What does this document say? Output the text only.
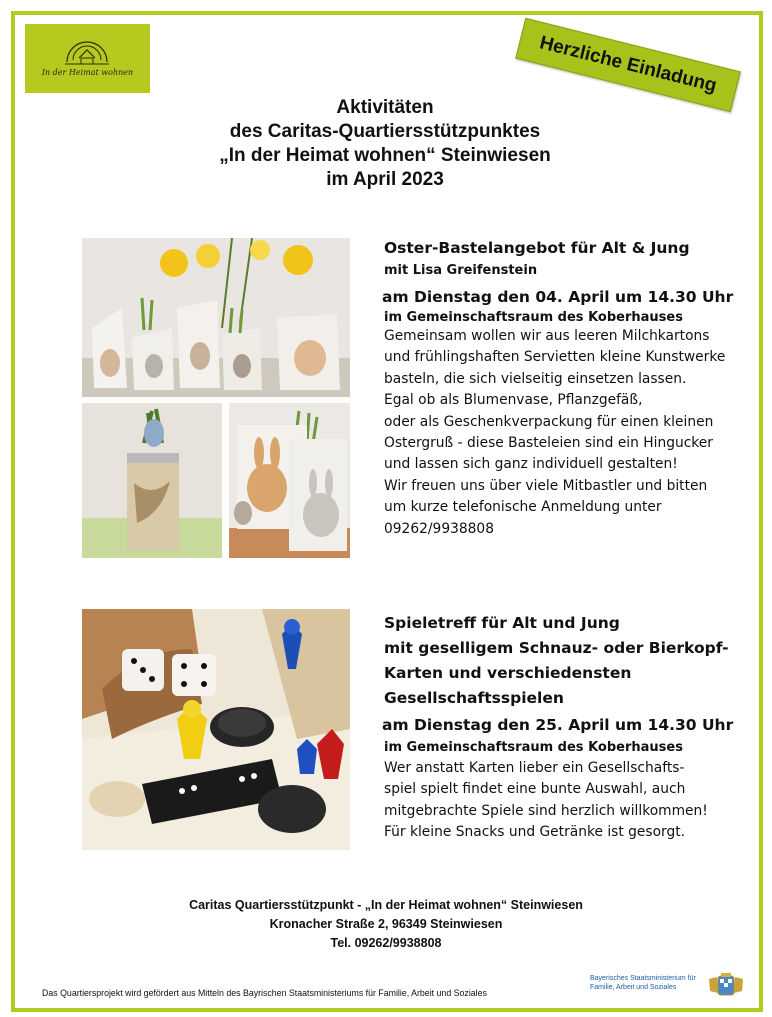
In der Heimat wohnen	Herzliche Einladung
Aktivitäten
des Caritas-Quartiersstützpunktes
„In der Heimat wohnen“ Steinwiesen
im April 2023
Oster-Bastelangebot für Alt & Jung
mit Lisa Greifenstein
am Dienstag den 04. April um 14.30 Uhr
im Gemeinschaftsraum des Koberhauses
Gemeinsam wollen wir aus leeren Milchkartons
und frühlingshaften Servietten kleine Kunstwerke
basteln, die sich vielseitig einsetzen lassen.
Egal ob als Blumenvase, Pflanzgefäß,
oder als Geschenkverpackung für einen kleinen
Ostergruß - diese Basteleien sind ein Hingucker
und lassen sich ganz individuell gestalten!
Wir freuen uns über viele Mitbastler und bitten
um kurze telefonische Anmeldung unter
09262/9938808
Spieletreff für Alt und Jung
mit geselligem Schnauz- oder Bierkopf-
Karten und verschiedensten
Gesellschaftsspielen
am Dienstag den 25. April um 14.30 Uhr
im Gemeinschaftsraum des Koberhauses
Wer anstatt Karten lieber ein Gesellschafts-
spiel spielt findet eine bunte Auswahl, auch
mitgebrachte Spiele sind herzlich willkommen!
Für kleine Snacks und Getränke ist gesorgt.
Caritas Quartiersstützpunkt - „In der Heimat wohnen“ Steinwiesen
Kronacher Straße 2, 96349 Steinwiesen
Tel. 09262/9938808
Das Quartiersprojekt wird gefördert aus Mitteln des Bayrischen Staatsministeriums für Familie, Arbeit und Soziales
Bayerisches Staatsministerium für
Familie, Arbeit und Soziales
